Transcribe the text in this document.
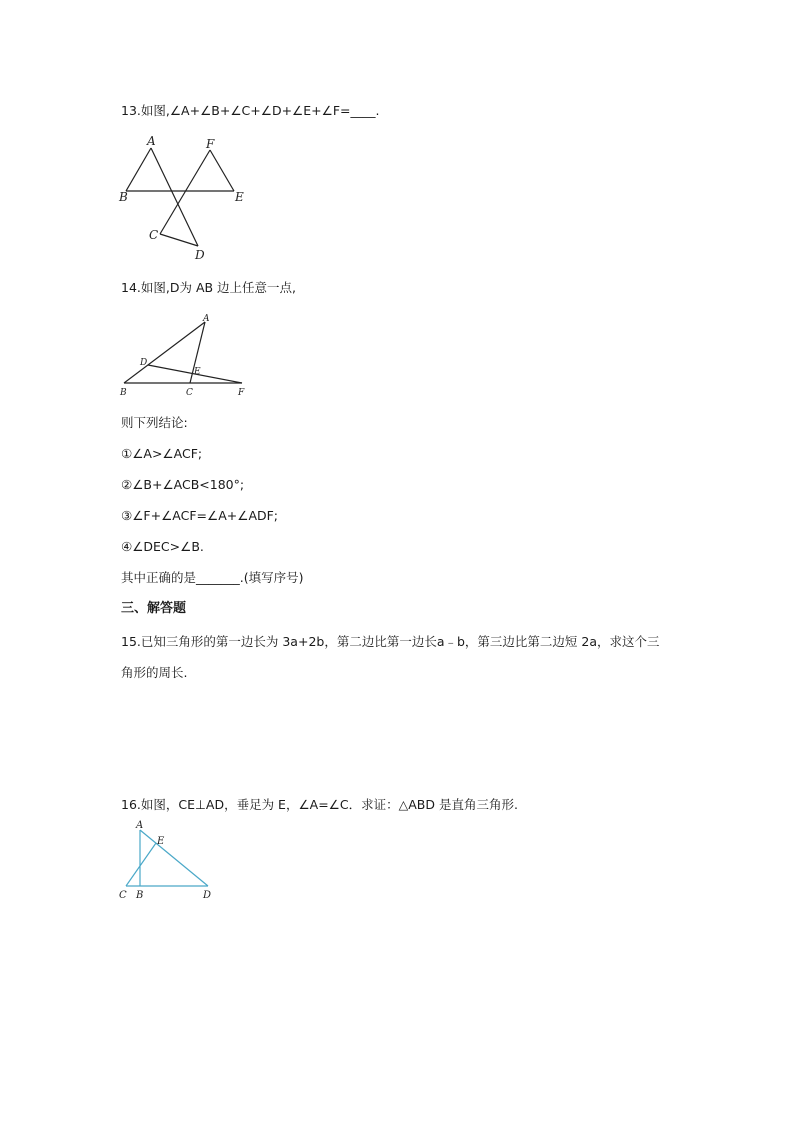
13.如图,∠A+∠B+∠C+∠D+∠E+∠F=____.
A
B
C
D
E
F
14.如图,D为 AB 边上任意一点,
A
B	C
D
E
F
则下列结论:
①∠A>∠ACF;
②∠B+∠ACB<180°;
③∠F+∠ACF=∠A+∠ADF;
④∠DEC>∠B.
其中正确的是_______.(填写序号)
三、解答题
15.已知三角形的第一边长为 3a+2b，第二边比第一边长a﹣b，第三边比第二边短 2a，求这个三
角形的周长.
16.如图，CE⊥AD，垂足为 E，∠A=∠C．求证：△ABD 是直角三角形.
A
E
C B	D
